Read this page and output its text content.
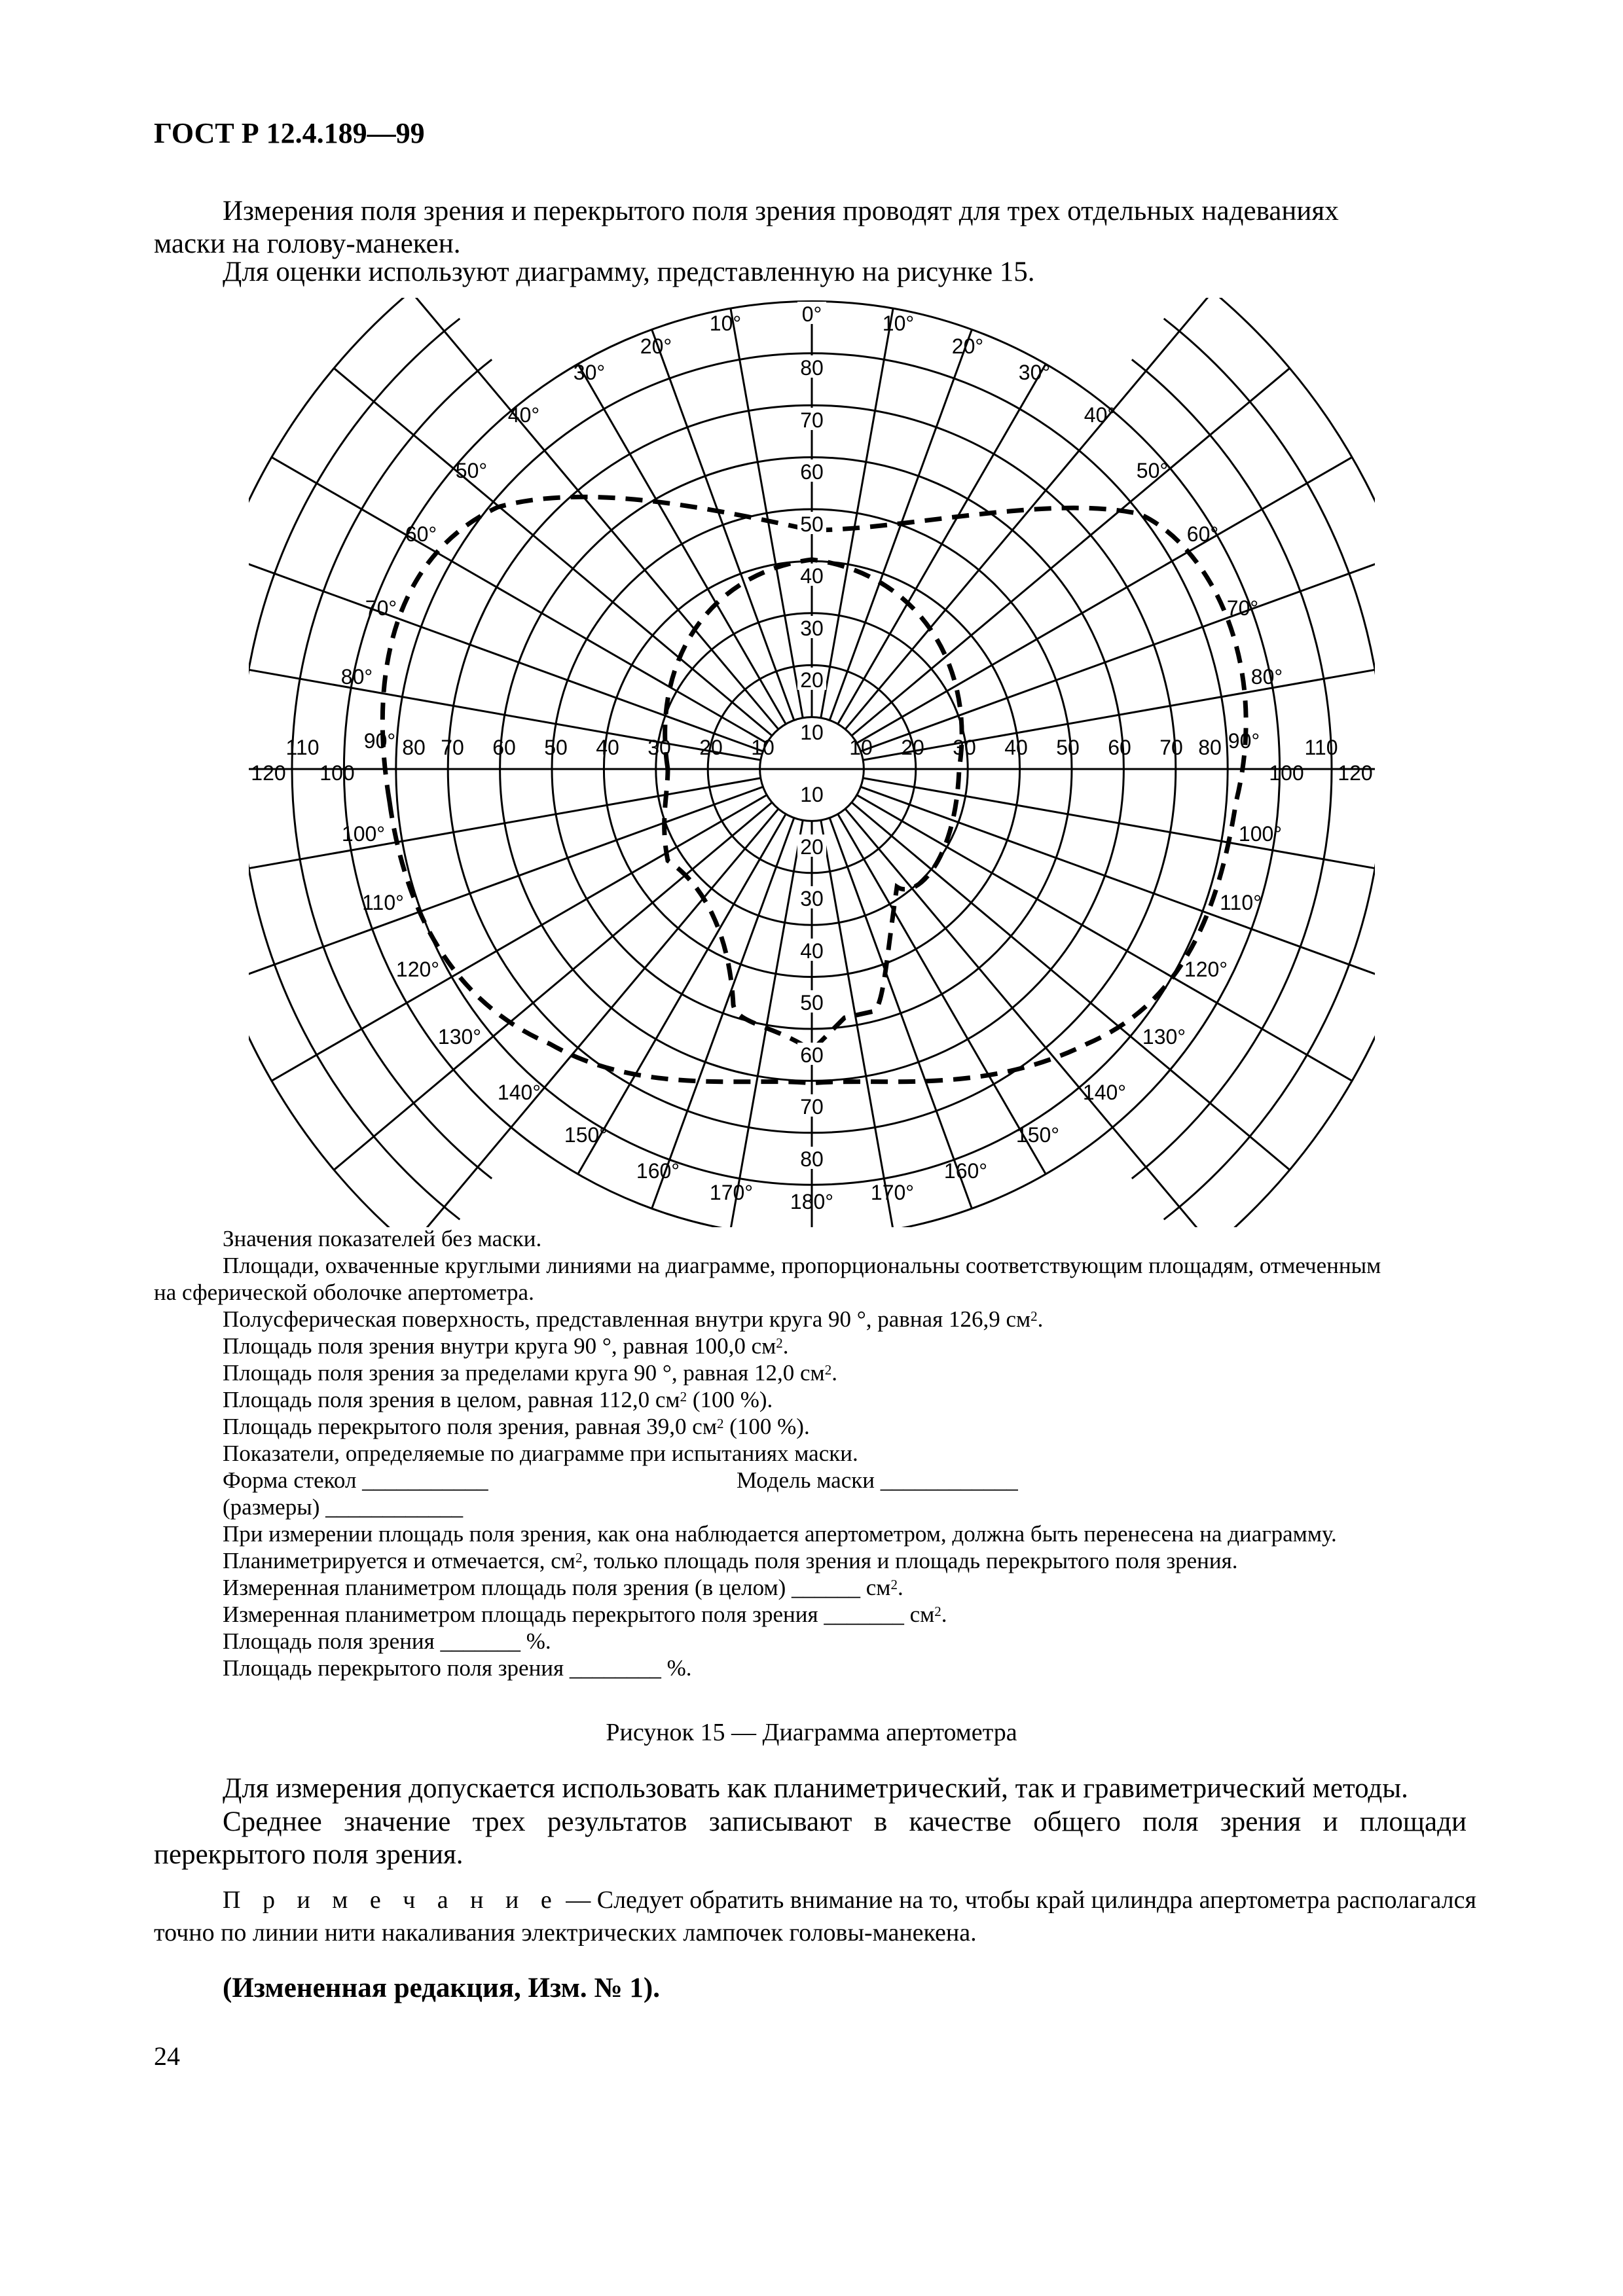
ГОСТ Р 12.4.189—99
Измерения поля зрения и перекрытого поля зрения проводят для трех отдельных надеваниях
маски на голову-манекен.
Для оценки используют диаграмму, представленную на рисунке 15.
0°
10°	10°
20°	20°
30°	30°
40°	40°
50°	50°
60°	60°
70°	70°
80°	80°
90°	90°
10
20
30
40
50
60
70
80
10
20
30
40
50
60
70
80
110
120
10 20 30 40 50 60 70 80	110
120
100	100
10
20
30
40
50
60
70
80
100°	100°
110°	110°
120°	120°
130°	130°
140°	140°
150°	150°
160°	160°
170°	170°
180°
Значения показателей без маски.
Площади, охваченные круглыми линиями на диаграмме, пропорциональны соответствующим площадям, отмеченным
на сферической оболочке апертометра.
Полусферическая поверхность, представленная внутри круга 90 °, равная 126,9 $см^2$.
Площадь поля зрения внутри круга 90 °, равная 100,0 $см^2$.
Площадь поля зрения за пределами круга 90 °, равная 12,0 $см^2$.
Площадь поля зрения в целом, равная 112,0 $см^2$ (100 %).
Площадь перекрытого поля зрения, равная 39,0 $см^2$ (100 %).
Показатели, определяемые по диаграмме при испытаниях маски.
Форма стекол ___________	Модель маски ____________
(размеры) ____________
При измерении площадь поля зрения, как она наблюдается апертометром, должна быть перенесена на диаграмму.
Планиметрируется и отмечается, $см^2$, только площадь поля зрения и площадь перекрытого поля зрения.
Измеренная планиметром площадь поля зрения (в целом) ______ $см^2$.
Измеренная планиметром площадь перекрытого поля зрения _______ $см^2$.
Площадь поля зрения _______ %.
Площадь перекрытого поля зрения ________ %.
Рисунок 15 — Диаграмма апертометра
Для измерения допускается использовать как планиметрический, так и гравиметрический методы.
Среднее значение трех результатов записывают в качестве общего поля зрения и площади
перекрытого поля зрения.
П р и м е ч а н и е — Следует обратить внимание на то, чтобы край цилиндра апертометра располагался
точно по линии нити накаливания электрических лампочек головы-манекена.
(Измененная редакция, Изм. № 1).
24
